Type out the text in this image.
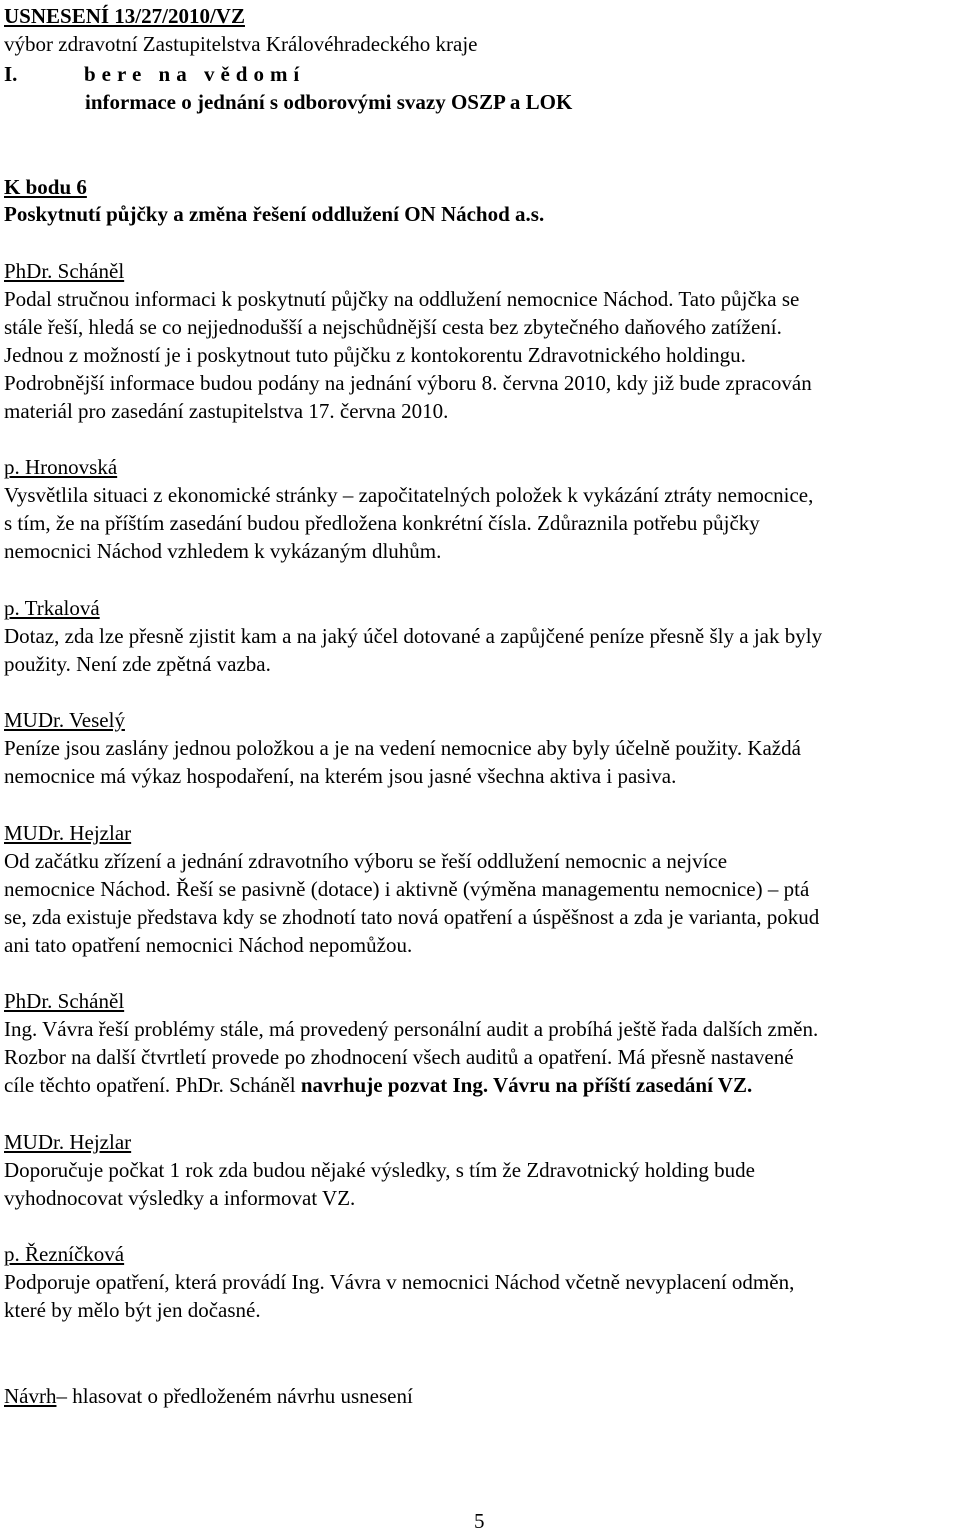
USNESENÍ 13/27/2010/VZ
výbor zdravotní Zastupitelstva Královéhradeckého kraje
I.	bere na vědomí
informace o jednání s odborovými svazy OSZP a LOK
K bodu 6
Poskytnutí půjčky a změna řešení oddlužení ON Náchod a.s.
PhDr. Scháněl
Podal stručnou informaci k poskytnutí půjčky na oddlužení nemocnice Náchod. Tato půjčka se
stále řeší, hledá se co nejjednodušší a nejschůdnější cesta bez zbytečného daňového zatížení.
Jednou z možností je i poskytnout tuto půjčku z kontokorentu Zdravotnického holdingu.
Podrobnější informace budou podány na jednání výboru 8. června 2010, kdy již bude zpracován
materiál pro zasedání zastupitelstva 17. června 2010.
p. Hronovská
Vysvětlila situaci z ekonomické stránky – započitatelných položek k vykázání ztráty nemocnice,
s tím, že na příštím zasedání budou předložena konkrétní čísla. Zdůraznila potřebu půjčky
nemocnici Náchod vzhledem k vykázaným dluhům.
p. Trkalová
Dotaz, zda lze přesně zjistit kam a na jaký účel dotované a zapůjčené peníze přesně šly a jak byly
použity. Není zde zpětná vazba.
MUDr. Veselý
Peníze jsou zaslány jednou položkou a je na vedení nemocnice aby byly účelně použity. Každá
nemocnice má výkaz hospodaření, na kterém jsou jasné všechna aktiva i pasiva.
MUDr. Hejzlar
Od začátku zřízení a jednání zdravotního výboru se řeší oddlužení nemocnic a nejvíce
nemocnice Náchod. Řeší se pasivně (dotace) i aktivně (výměna managementu nemocnice) – ptá
se, zda existuje představa kdy se zhodnotí tato nová opatření a úspěšnost a zda je varianta, pokud
ani tato opatření nemocnici Náchod nepomůžou.
PhDr. Scháněl
Ing. Vávra řeší problémy stále, má provedený personální audit a probíhá ještě řada dalších změn.
Rozbor na další čtvrtletí provede po zhodnocení všech auditů a opatření. Má přesně nastavené
cíle těchto opatření. PhDr. Scháněl navrhuje pozvat Ing. Vávru na příští zasedání VZ.
MUDr. Hejzlar
Doporučuje počkat 1 rok zda budou nějaké výsledky, s tím že Zdravotnický holding bude
vyhodnocovat výsledky a informovat VZ.
p. Řezníčková
Podporuje opatření, která provádí Ing. Vávra v nemocnici Náchod včetně nevyplacení odměn,
které by mělo být jen dočasné.
Návrh– hlasovat o předloženém návrhu usnesení
5
